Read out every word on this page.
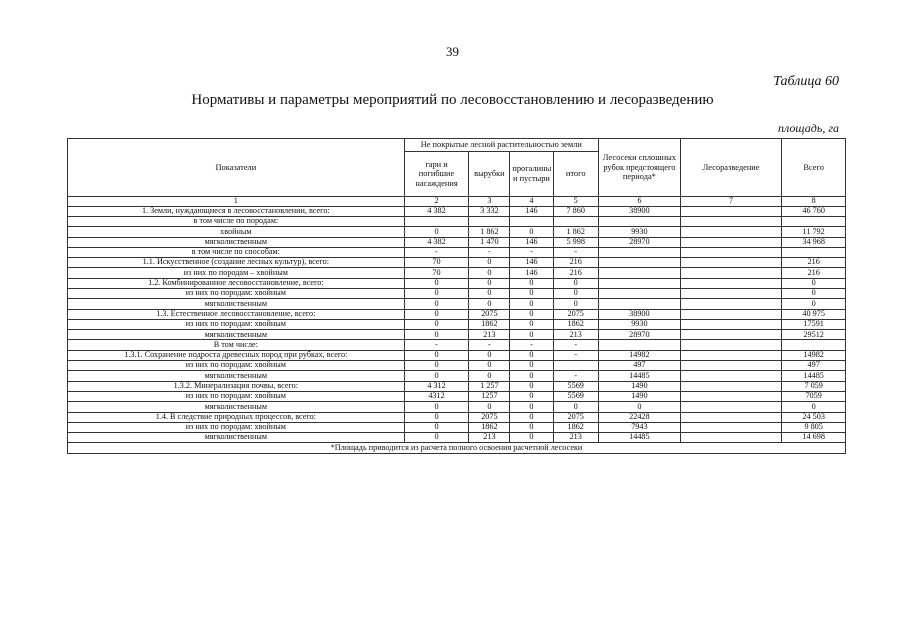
39
Таблица 60
Нормативы и параметры мероприятий по лесовосстановлению и лесоразведению
площадь, га
Показатели	Не покрытые лесной растительностью земли				Лесосеки сплошных рубок предстоящего периода*	Лесоразведение	Всего
	гари и погибшие насаждения	вырубки	прогалины и пустыри	итого			
1	2	3	4	5	6	7	8
1. Земли, нуждающиеся в лесовосстановлении, всего:	4 382	3 332	146	7 860	38900		46 760
в том числе по породам:							
хвойным	0	1 862	0	1 862	9930		11 792
мягколиственным	4 382	1 470	146	5 998	28970		34 968
в том числе по способам:	-	-	-	-			
1.1. Искусственное (создание лесных культур), всего:	70	0	146	216			216
из них по породам – хвойным	70	0	146	216			216
1.2. Комбинированное лесовосстановление, всего:	0	0	0	0			0
из них по породам: хвойным	0	0	0	0			0
мягколиственным	0	0	0	0			0
1.3. Естественное лесовосстановление, всего:	0	2075	0	2075	38900		40 975
из них по породам: хвойным	0	1862	0	1862	9930		17591
мягколиственным	0	213	0	213	28970		29512
В том числе:	-	-	-	-			
1.3.1. Сохранение подроста древесных пород при рубках, всего:	0	0	0	-	14982		14982
из них по породам: хвойным	0	0	0		497		497
мягколиственным	0	0	0	-	14485		14485
1.3.2. Минерализация почвы, всего:	4 312	1 257	0	5569	1490		7 059
из них по породам: хвойным	4312	1257	0	5569	1490		7059
мягколиственным	0	0	0	0	0		0
1.4. В следствие природных процессов, всего:	0	2075	0	2075	22428		24 503
из них по породам: хвойным	0	1862	0	1862	7943		9 805
мягколиственным	0	213	0	213	14485		14 698
*Площадь приводится из расчета полного освоения расчетной лесосеки							
